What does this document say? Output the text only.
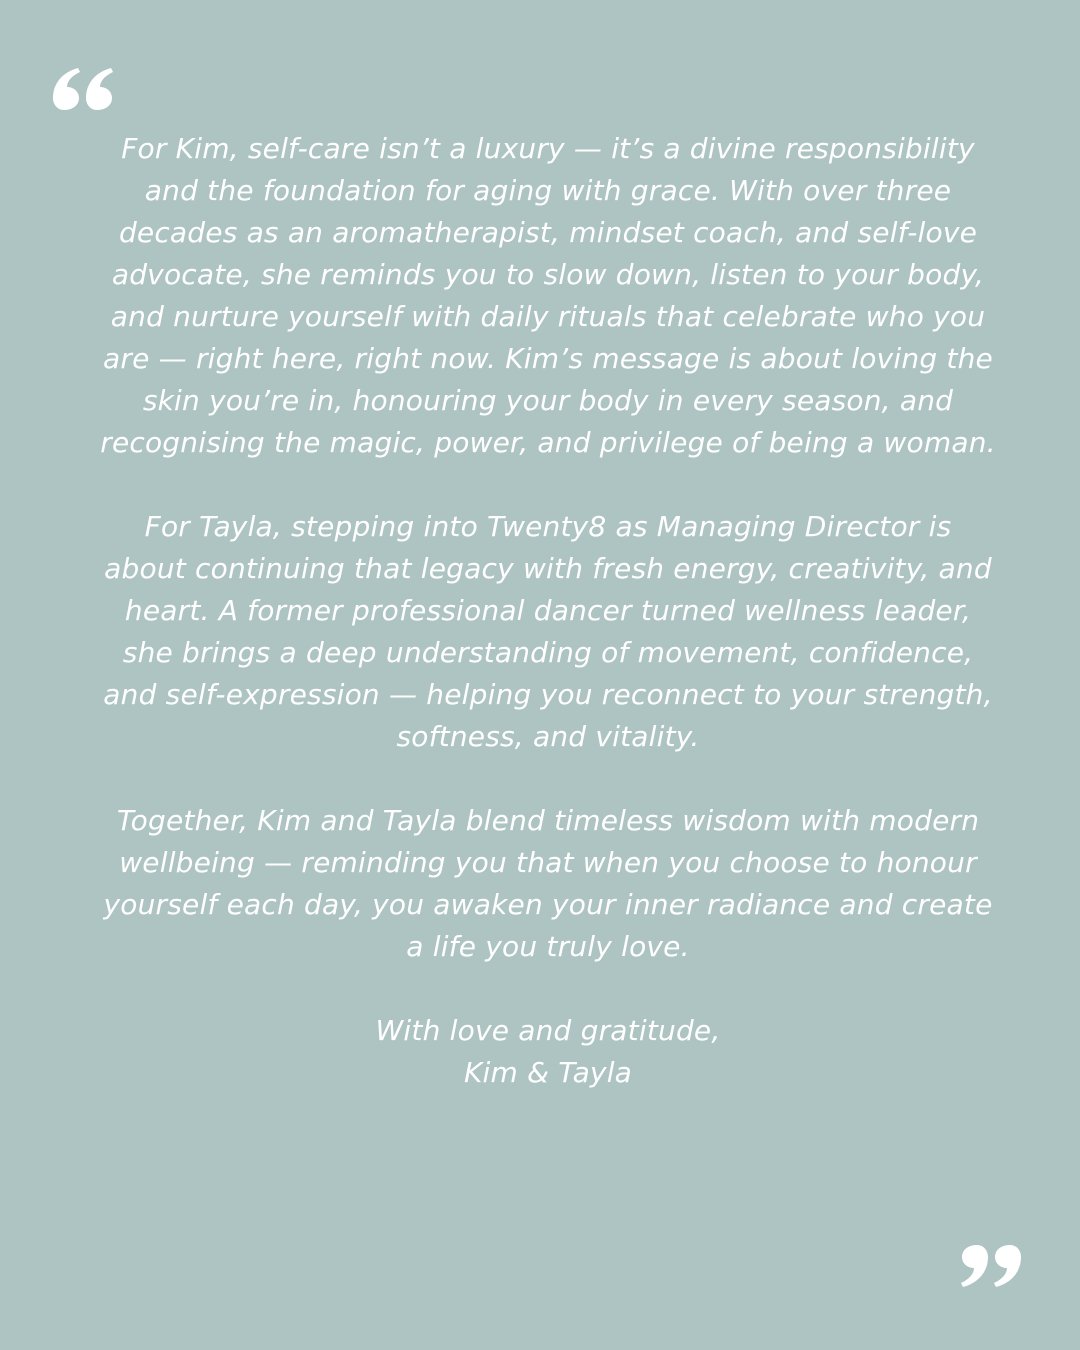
For Kim, self-care isn’t a luxury — it’s a divine responsibility and the foundation for aging with grace. With over three decades as an aromatherapist, mindset coach, and self-love advocate, she reminds you to slow down, listen to your body, and nurture yourself with daily rituals that celebrate who you are — right here, right now. Kim’s message is about loving the skin you’re in, honouring your body in every season, and recognising the magic, power, and privilege of being a woman.

For Tayla, stepping into Twenty8 as Managing Director is about continuing that legacy with fresh energy, creativity, and heart. A former professional dancer turned wellness leader, she brings a deep understanding of movement, confidence, and self-expression — helping you reconnect to your strength, softness, and vitality.

Together, Kim and Tayla blend timeless wisdom with modern wellbeing — reminding you that when you choose to honour yourself each day, you awaken your inner radiance and create a life you truly love.

With love and gratitude,
Kim & Tayla
